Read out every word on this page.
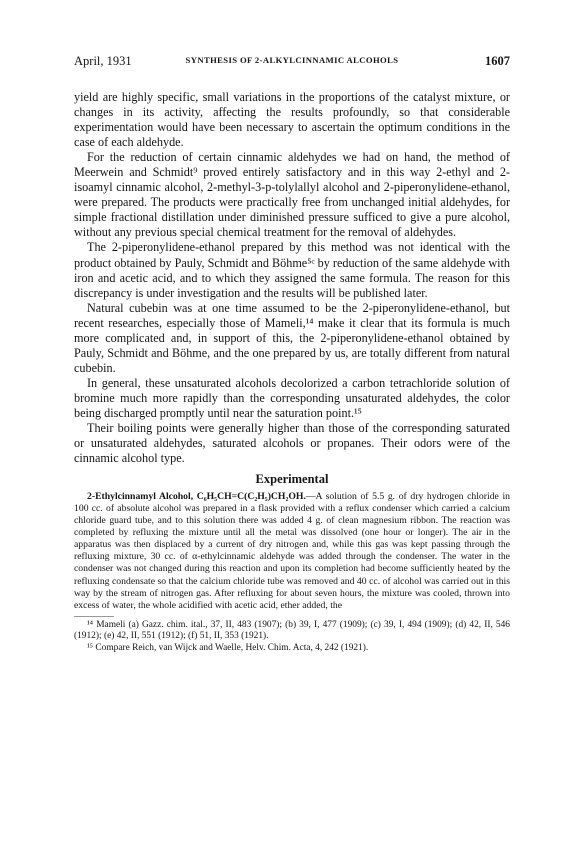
April, 1931	SYNTHESIS OF 2-ALKYLCINNAMIC ALCOHOLS	1607

yield are highly specific, small variations in the proportions of the catalyst mixture, or changes in its activity, affecting the results profoundly, so that considerable experimentation would have been necessary to ascertain the optimum conditions in the case of each aldehyde.

For the reduction of certain cinnamic aldehydes we had on hand, the method of Meerwein and Schmidt⁹ proved entirely satisfactory and in this way 2-ethyl and 2-isoamyl cinnamic alcohol, 2-methyl-3-p-tolylallyl alcohol and 2-piperonylidene-ethanol, were prepared. The products were practically free from unchanged initial aldehydes, for simple fractional distillation under diminished pressure sufficed to give a pure alcohol, without any previous special chemical treatment for the removal of aldehydes.

The 2-piperonylidene-ethanol prepared by this method was not identical with the product obtained by Pauly, Schmidt and Böhme⁵ᶜ by reduction of the same aldehyde with iron and acetic acid, and to which they assigned the same formula. The reason for this discrepancy is under investigation and the results will be published later.

Natural cubebin was at one time assumed to be the 2-piperonylidene-ethanol, but recent researches, especially those of Mameli,¹⁴ make it clear that its formula is much more complicated and, in support of this, the 2-piperonylidene-ethanol obtained by Pauly, Schmidt and Böhme, and the one prepared by us, are totally different from natural cubebin.

In general, these unsaturated alcohols decolorized a carbon tetrachloride solution of bromine much more rapidly than the corresponding unsaturated aldehydes, the color being discharged promptly until near the saturation point.¹⁵

Their boiling points were generally higher than those of the corresponding saturated or unsaturated aldehydes, saturated alcohols or propanes. Their odors were of the cinnamic alcohol type.

Experimental

2-Ethylcinnamyl Alcohol, C₆H₅CH=C(C₂H₅)CH₂OH.—A solution of 5.5 g. of dry hydrogen chloride in 100 cc. of absolute alcohol was prepared in a flask provided with a reflux condenser which carried a calcium chloride guard tube, and to this solution there was added 4 g. of clean magnesium ribbon. The reaction was completed by refluxing the mixture until all the metal was dissolved (one hour or longer). The air in the apparatus was then displaced by a current of dry nitrogen and, while this gas was kept passing through the refluxing mixture, 30 cc. of α-ethylcinnamic aldehyde was added through the condenser. The water in the condenser was not changed during this reaction and upon its completion had become sufficiently heated by the refluxing condensate so that the calcium chloride tube was removed and 40 cc. of alcohol was carried out in this way by the stream of nitrogen gas. After refluxing for about seven hours, the mixture was cooled, thrown into excess of water, the whole acidified with acetic acid, ether added, the

¹⁴ Mameli (a) Gazz. chim. ital., 37, II, 483 (1907); (b) 39, I, 477 (1909); (c) 39, I, 494 (1909); (d) 42, II, 546 (1912); (e) 42, II, 551 (1912); (f) 51, II, 353 (1921).

¹⁵ Compare Reich, van Wijck and Waelle, Helv. Chim. Acta, 4, 242 (1921).
